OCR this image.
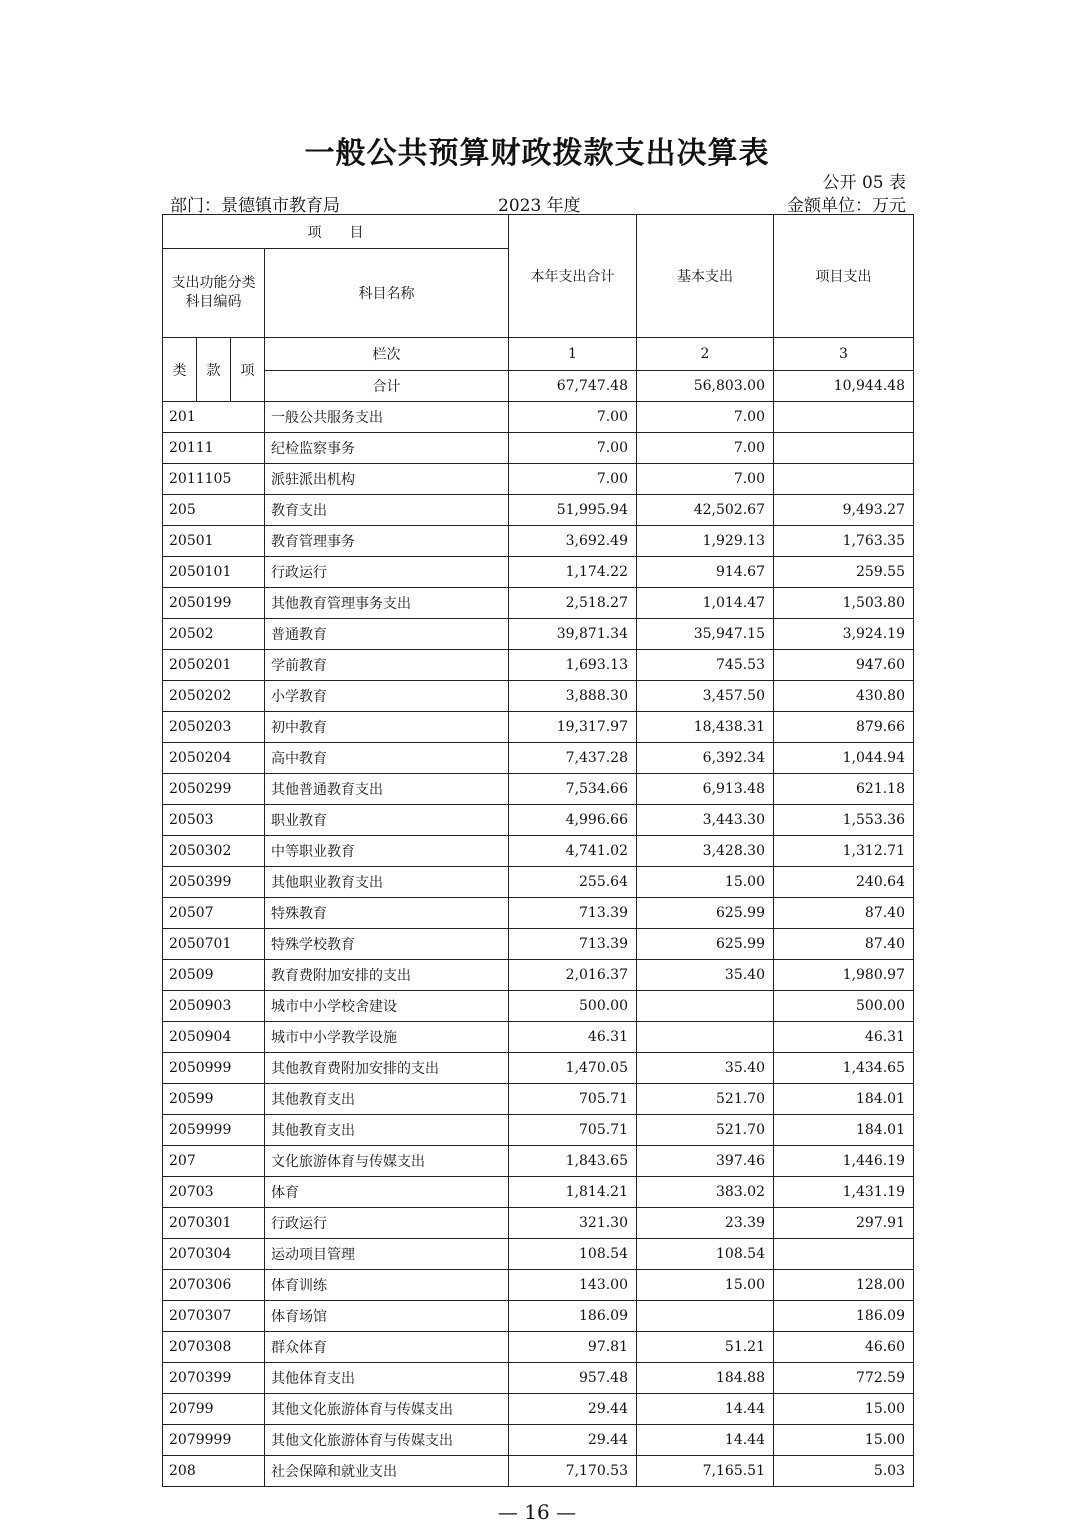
一般公共预算财政拨款支出决算表
公开 05 表
部门：景德镇市教育局	2023 年度	金额单位：万元
项　　目				本年支出合计	基本支出	项目支出
支出功能分类科目编码			科目名称			
类	款	项	栏次	1	2	3
			合计	67,747.48	56,803.00	10,944.48
201			一般公共服务支出	7.00	7.00	
20111			纪检监察事务	7.00	7.00	
2011105			派驻派出机构	7.00	7.00	
205			教育支出	51,995.94	42,502.67	9,493.27
20501			教育管理事务	3,692.49	1,929.13	1,763.35
2050101			行政运行	1,174.22	914.67	259.55
2050199			其他教育管理事务支出	2,518.27	1,014.47	1,503.80
20502			普通教育	39,871.34	35,947.15	3,924.19
2050201			学前教育	1,693.13	745.53	947.60
2050202			小学教育	3,888.30	3,457.50	430.80
2050203			初中教育	19,317.97	18,438.31	879.66
2050204			高中教育	7,437.28	6,392.34	1,044.94
2050299			其他普通教育支出	7,534.66	6,913.48	621.18
20503			职业教育	4,996.66	3,443.30	1,553.36
2050302			中等职业教育	4,741.02	3,428.30	1,312.71
2050399			其他职业教育支出	255.64	15.00	240.64
20507			特殊教育	713.39	625.99	87.40
2050701			特殊学校教育	713.39	625.99	87.40
20509			教育费附加安排的支出	2,016.37	35.40	1,980.97
2050903			城市中小学校舍建设	500.00		500.00
2050904			城市中小学教学设施	46.31		46.31
2050999			其他教育费附加安排的支出	1,470.05	35.40	1,434.65
20599			其他教育支出	705.71	521.70	184.01
2059999			其他教育支出	705.71	521.70	184.01
207			文化旅游体育与传媒支出	1,843.65	397.46	1,446.19
20703			体育	1,814.21	383.02	1,431.19
2070301			行政运行	321.30	23.39	297.91
2070304			运动项目管理	108.54	108.54	
2070306			体育训练	143.00	15.00	128.00
2070307			体育场馆	186.09		186.09
2070308			群众体育	97.81	51.21	46.60
2070399			其他体育支出	957.48	184.88	772.59
20799			其他文化旅游体育与传媒支出	29.44	14.44	15.00
2079999			其他文化旅游体育与传媒支出	29.44	14.44	15.00
208			社会保障和就业支出	7,170.53	7,165.51	5.03
— 16 —
